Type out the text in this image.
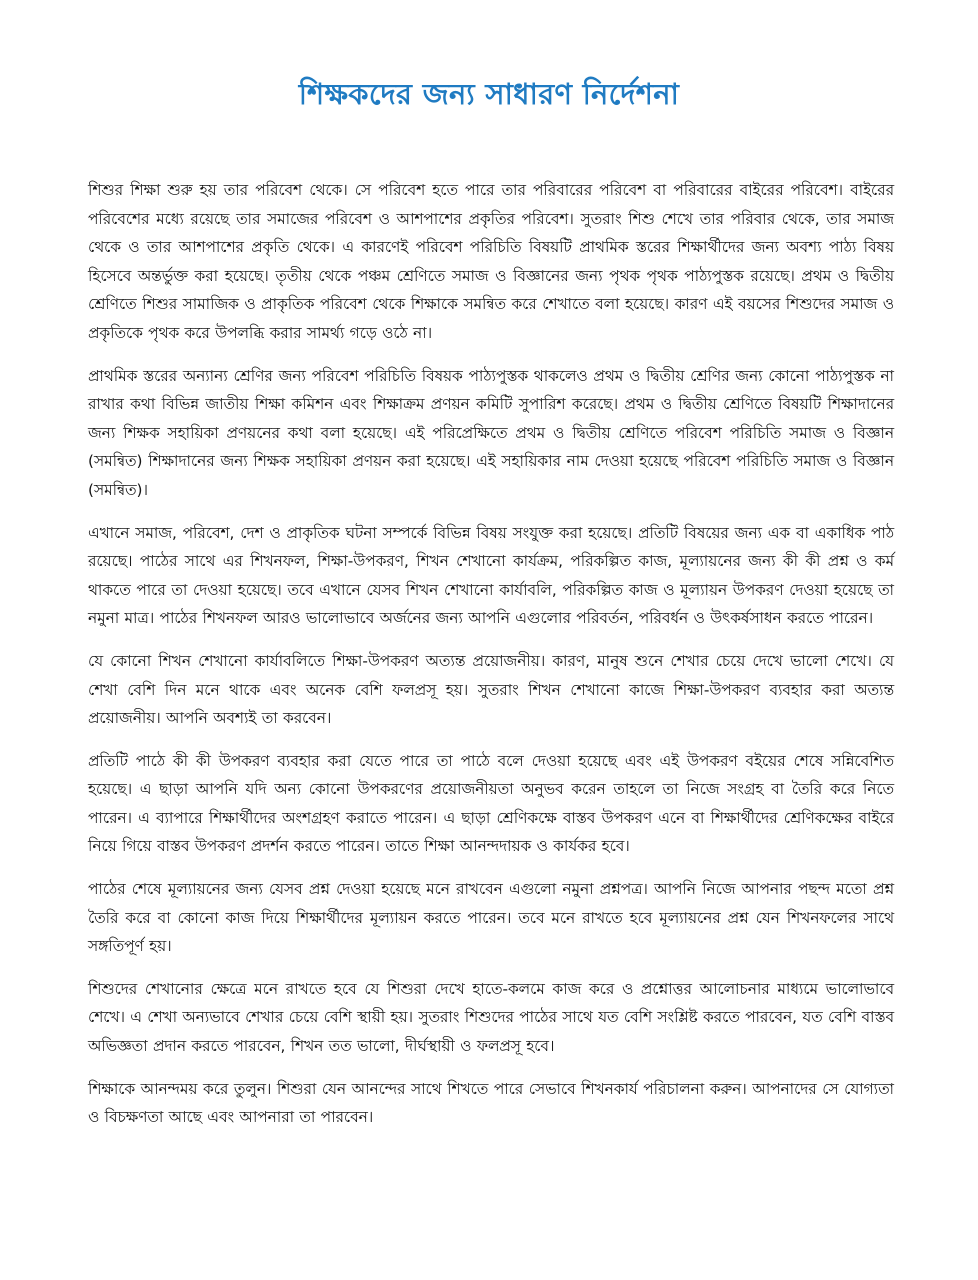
শিক্ষকদের জন্য সাধারণ নির্দেশনা

শিশুর শিক্ষা শুরু হয় তার পরিবেশ থেকে। সে পরিবেশ হতে পারে তার পরিবারের পরিবেশ বা পরিবারের বাইরের পরিবেশ। বাইরের পরিবেশের মধ্যে রয়েছে তার সমাজের পরিবেশ ও আশপাশের প্রকৃতির পরিবেশ। সুতরাং শিশু শেখে তার পরিবার থেকে, তার সমাজ থেকে ও তার আশপাশের প্রকৃতি থেকে। এ কারণেই পরিবেশ পরিচিতি বিষয়টি প্রাথমিক স্তরের শিক্ষার্থীদের জন্য অবশ্য পাঠ্য বিষয় হিসেবে অন্তর্ভুক্ত করা হয়েছে। তৃতীয় থেকে পঞ্চম শ্রেণিতে সমাজ ও বিজ্ঞানের জন্য পৃথক পৃথক পাঠ্যপুস্তক রয়েছে। প্রথম ও দ্বিতীয় শ্রেণিতে শিশুর সামাজিক ও প্রাকৃতিক পরিবেশ থেকে শিক্ষাকে সমন্বিত করে শেখাতে বলা হয়েছে। কারণ এই বয়সের শিশুদের সমাজ ও প্রকৃতিকে পৃথক করে উপলব্ধি করার সামর্থ্য গড়ে ওঠে না।

প্রাথমিক স্তরের অন্যান্য শ্রেণির জন্য পরিবেশ পরিচিতি বিষয়ক পাঠ্যপুস্তক থাকলেও প্রথম ও দ্বিতীয় শ্রেণির জন্য কোনো পাঠ্যপুস্তক না রাখার কথা বিভিন্ন জাতীয় শিক্ষা কমিশন এবং শিক্ষাক্রম প্রণয়ন কমিটি সুপারিশ করেছে। প্রথম ও দ্বিতীয় শ্রেণিতে বিষয়টি শিক্ষাদানের জন্য শিক্ষক সহায়িকা প্রণয়নের কথা বলা হয়েছে। এই পরিপ্রেক্ষিতে প্রথম ও দ্বিতীয় শ্রেণিতে পরিবেশ পরিচিতি সমাজ ও বিজ্ঞান (সমন্বিত) শিক্ষাদানের জন্য শিক্ষক সহায়িকা প্রণয়ন করা হয়েছে। এই সহায়িকার নাম দেওয়া হয়েছে পরিবেশ পরিচিতি সমাজ ও বিজ্ঞান (সমন্বিত)।

এখানে সমাজ, পরিবেশ, দেশ ও প্রাকৃতিক ঘটনা সম্পর্কে বিভিন্ন বিষয় সংযুক্ত করা হয়েছে। প্রতিটি বিষয়ের জন্য এক বা একাধিক পাঠ রয়েছে। পাঠের সাথে এর শিখনফল, শিক্ষা-উপকরণ, শিখন শেখানো কার্যক্রম, পরিকল্পিত কাজ, মূল্যায়নের জন্য কী কী প্রশ্ন ও কর্ম থাকতে পারে তা দেওয়া হয়েছে। তবে এখানে যেসব শিখন শেখানো কার্যাবলি, পরিকল্পিত কাজ ও মূল্যায়ন উপকরণ দেওয়া হয়েছে তা নমুনা মাত্র। পাঠের শিখনফল আরও ভালোভাবে অর্জনের জন্য আপনি এগুলোর পরিবর্তন, পরিবর্ধন ও উৎকর্ষসাধন করতে পারেন।

যে কোনো শিখন শেখানো কার্যাবলিতে শিক্ষা-উপকরণ অত্যন্ত প্রয়োজনীয়। কারণ, মানুষ শুনে শেখার চেয়ে দেখে ভালো শেখে। যে শেখা বেশি দিন মনে থাকে এবং অনেক বেশি ফলপ্রসূ হয়। সুতরাং শিখন শেখানো কাজে শিক্ষা-উপকরণ ব্যবহার করা অত্যন্ত প্রয়োজনীয়। আপনি অবশ্যই তা করবেন।

প্রতিটি পাঠে কী কী উপকরণ ব্যবহার করা যেতে পারে তা পাঠে বলে দেওয়া হয়েছে এবং এই উপকরণ বইয়ের শেষে সন্নিবেশিত হয়েছে। এ ছাড়া আপনি যদি অন্য কোনো উপকরণের প্রয়োজনীয়তা অনুভব করেন তাহলে তা নিজে সংগ্রহ বা তৈরি করে নিতে পারেন। এ ব্যাপারে শিক্ষার্থীদের অংশগ্রহণ করাতে পারেন। এ ছাড়া শ্রেণিকক্ষে বাস্তব উপকরণ এনে বা শিক্ষার্থীদের শ্রেণিকক্ষের বাইরে নিয়ে গিয়ে বাস্তব উপকরণ প্রদর্শন করতে পারেন। তাতে শিক্ষা আনন্দদায়ক ও কার্যকর হবে।

পাঠের শেষে মূল্যায়নের জন্য যেসব প্রশ্ন দেওয়া হয়েছে মনে রাখবেন এগুলো নমুনা প্রশ্নপত্র। আপনি নিজে আপনার পছন্দ মতো প্রশ্ন তৈরি করে বা কোনো কাজ দিয়ে শিক্ষার্থীদের মূল্যায়ন করতে পারেন। তবে মনে রাখতে হবে মূল্যায়নের প্রশ্ন যেন শিখনফলের সাথে সঙ্গতিপূর্ণ হয়।

শিশুদের শেখানোর ক্ষেত্রে মনে রাখতে হবে যে শিশুরা দেখে হাতে-কলমে কাজ করে ও প্রশ্নোত্তর আলোচনার মাধ্যমে ভালোভাবে শেখে। এ শেখা অন্যভাবে শেখার চেয়ে বেশি স্থায়ী হয়। সুতরাং শিশুদের পাঠের সাথে যত বেশি সংশ্লিষ্ট করতে পারবেন, যত বেশি বাস্তব অভিজ্ঞতা প্রদান করতে পারবেন, শিখন তত ভালো, দীর্ঘস্থায়ী ও ফলপ্রসূ হবে।

শিক্ষাকে আনন্দময় করে তুলুন। শিশুরা যেন আনন্দের সাথে শিখতে পারে সেভাবে শিখনকার্য পরিচালনা করুন। আপনাদের সে যোগ্যতা ও বিচক্ষণতা আছে এবং আপনারা তা পারবেন।
